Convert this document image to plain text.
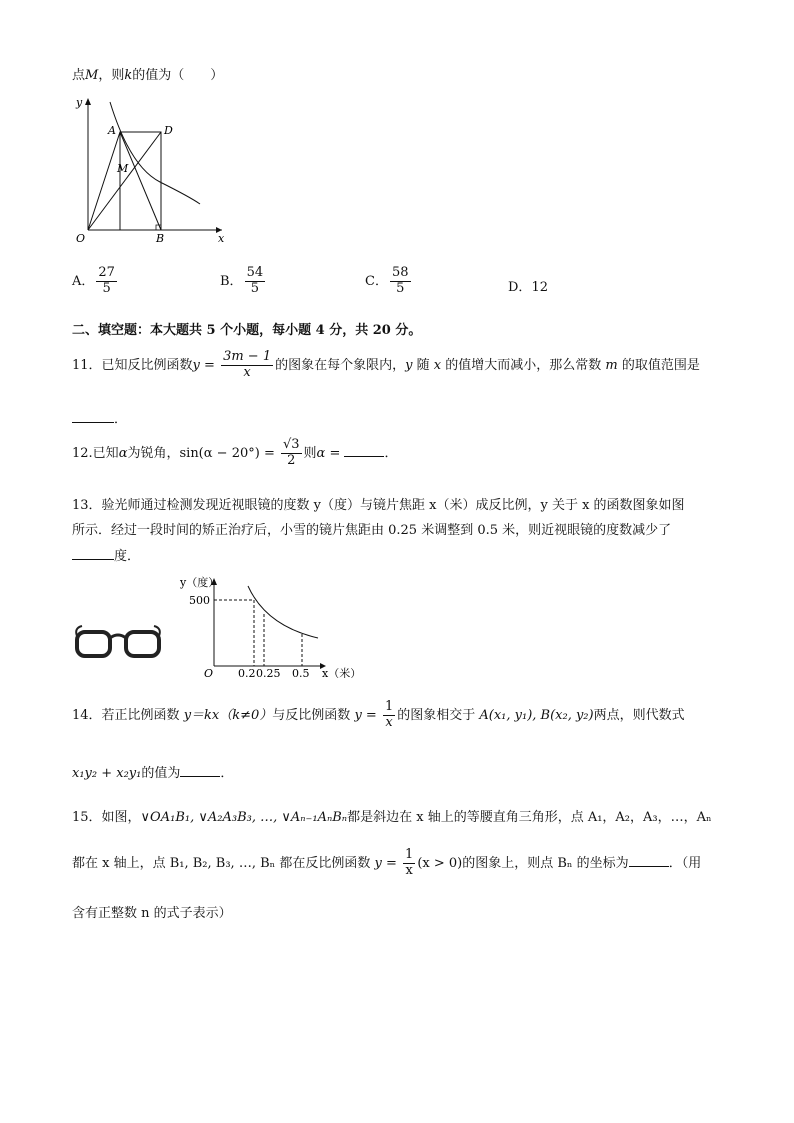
点M，则k的值为（　　）
y
x
O
A	D
M
B
A． $\frac{27}{5}$	B． $\frac{54}{5}$	C． $\frac{58}{5}$	D．12
二、填空题：本大题共 5 个小题，每小题 4 分，共 20 分。
11．已知反比例函数$y = \frac{3m - 1}{x}$ 的图象在每个象限内，y 随 x 的值增大而减小，那么常数 m 的取值范围是
．
12.已知α为锐角，$\sin(\alpha - 20^\circ) = \frac{√3}{2}$ 则α =	．
13．验光师通过检测发现近视眼镜的度数 y（度）与镜片焦距 x（米）成反比例，y 关于 x 的函数图象如图
所示．经过一段时间的矫正治疗后，小雪的镜片焦距由 0.25 米调整到 0.5 米，则近视眼镜的度数减少了
度．
y（度）
500
O 0.2 0.25 0.5 x（米）
14．若正比例函数 y＝kx（k≠0）与反比例函数 $y = \frac{1}{x}$ 的图象相交于 A(x₁, y₁), B(x₂, y₂)两点，则代数式
x₁y₂ + x₂y₁的值为	．
15．如图，∨OA₁B₁, ∨A₂A₃B₃, …, ∨Aₙ₋₁AₙBₙ都是斜边在 x 轴上的等腰直角三角形，点 A₁，A₂，A₃，…，Aₙ
都在 x 轴上，点 B₁, B₂, B₃, …, Bₙ 都在反比例函数 $y = \frac{1}{x} (x > 0)$的图象上，则点 Bₙ 的坐标为	．（用
含有正整数 n 的式子表示）
